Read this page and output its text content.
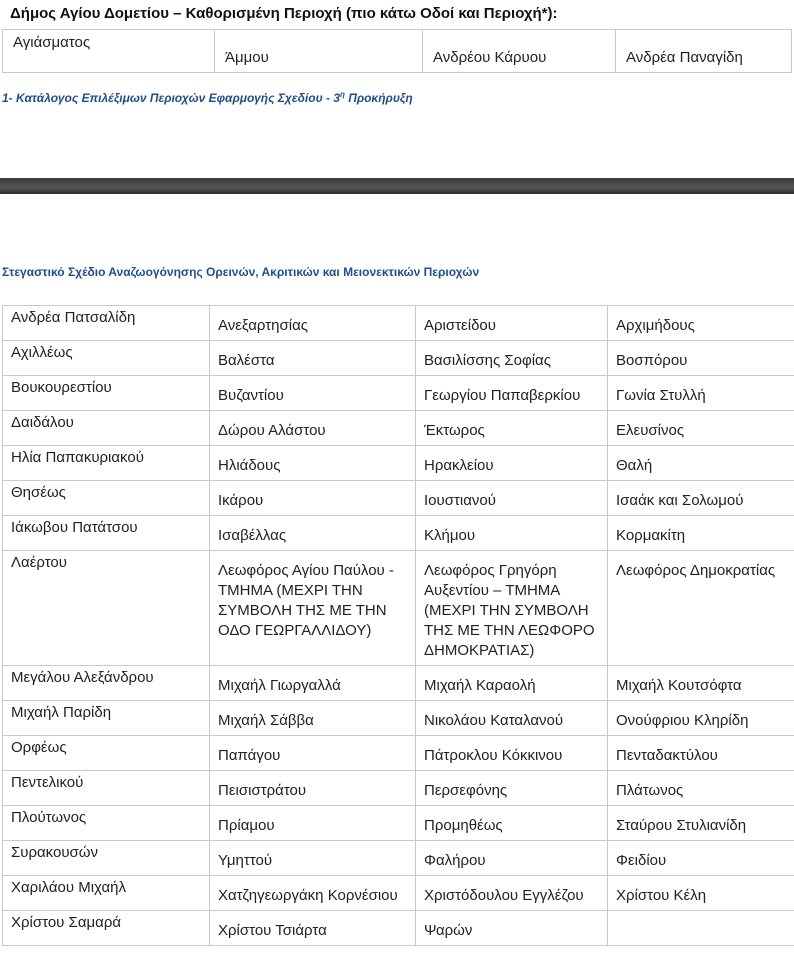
Δήμος Αγίου Δομετίου – Καθορισμένη Περιοχή (πιο κάτω Οδοί και Περιοχή*):
Αγιάσματος	Άμμου	Ανδρέου Κάρυου	Ανδρέα Παναγίδη
1- Κατάλογος Επιλέξιμων Περιοχών Εφαρμογής Σχεδίου - $3^\eta$ Προκήρυξη
Στεγαστικό Σχέδιο Αναζωογόνησης Ορεινών, Ακριτικών και Μειονεκτικών Περιοχών
Ανδρέα Πατσαλίδη	Ανεξαρτησίας	Αριστείδου	Αρχιμήδους
Αχιλλέως	Βαλέστα	Βασιλίσσης Σοφίας	Βοσπόρου
Βουκουρεστίου	Βυζαντίου	Γεωργίου Παπαβερκίου	Γωνία Στυλλή
Δαιδάλου	Δώρου Αλάστου	Έκτωρος	Ελευσίνος
Ηλία Παπακυριακού	Ηλιάδους	Ηρακλείου	Θαλή
Θησέως	Ικάρου	Ιουστιανού	Ισαάκ και Σολωμού
Ιάκωβου Πατάτσου	Ισαβέλλας	Κλήμου	Κορμακίτη
Λαέρτου	Λεωφόρος Αγίου Παύλου - ΤΜΗΜΑ (ΜΕΧΡΙ ΤΗΝ ΣΥΜΒΟΛΗ ΤΗΣ ΜΕ ΤΗΝ ΟΔΟ ΓΕΩΡΓΑΛΛΙΔΟΥ)	Λεωφόρος Γρηγόρη Αυξεντίου – ΤΜΗΜΑ (ΜΕΧΡΙ ΤΗΝ ΣΥΜΒΟΛΗ ΤΗΣ ΜΕ ΤΗΝ ΛΕΩΦΟΡΟ ΔΗΜΟΚΡΑΤΙΑΣ)	Λεωφόρος Δημοκρατίας
Μεγάλου Αλεξάνδρου	Μιχαήλ Γιωργαλλά	Μιχαήλ Καραολή	Μιχαήλ Κουτσόφτα
Μιχαήλ Παρίδη	Μιχαήλ Σάββα	Νικολάου Καταλανού	Ονούφριου Κληρίδη
Ορφέως	Παπάγου	Πάτροκλου Κόκκινου	Πενταδακτύλου
Πεντελικού	Πεισιστράτου	Περσεφόνης	Πλάτωνος
Πλούτωνος	Πρίαμου	Προμηθέως	Σταύρου Στυλιανίδη
Συρακουσών	Υμηττού	Φαλήρου	Φειδίου
Χαριλάου Μιχαήλ	Χατζηγεωργάκη Κορνέσιου	Χριστόδουλου Εγγλέζου	Χρίστου Κέλη
Χρίστου Σαμαρά	Χρίστου Τσιάρτα	Ψαρών	
